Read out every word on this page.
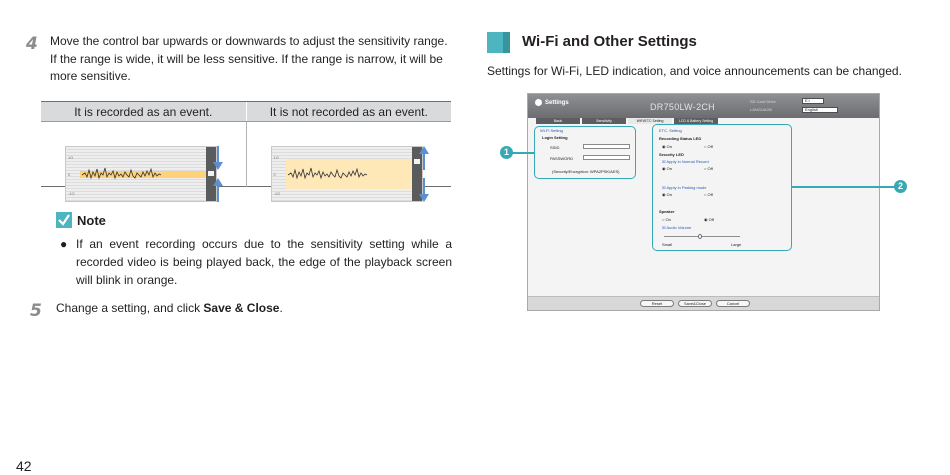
4 Move the control bar upwards or downwards to adjust the sensitivity range.
If the range is wide, it will be less sensitive. If the range is narrow, it will be
more sensitive.
It is recorded as an event.	It is not recorded as an event.
1G
0
-1G
1G
0
-1G
Note
● If an event recording occurs due to the sensitivity setting while a recorded video is being played back, the edge of the playback screen will blink in orange.
5 Change a setting, and click Save & Close.
42
Wi-Fi and Other Settings
Settings for Wi-Fi, LED indication, and voice announcements can be changed.
Settings	DR750LW-2CH
SD Card Drive	E:\
LANGUAGE	English
Basic	Sensitivity	WiFi/ETC Setting	LCD & Battery Setting
Wi-Fi Setting
Login Setting
SSID
PASSWORD
(Security/Encryption: WPA2PSK/AES)
ETC. Setting
Recording Status LED
◉ On	○ Off
Security LED
☒ Apply in Normal Record
◉ On	○ Off
☒ Apply in Parking mode
◉ On	○ Off
Speaker
○ On	◉ Off
☒ Audio Volume
Small	Large
Reset	Save&Close	Cancel
1
2
